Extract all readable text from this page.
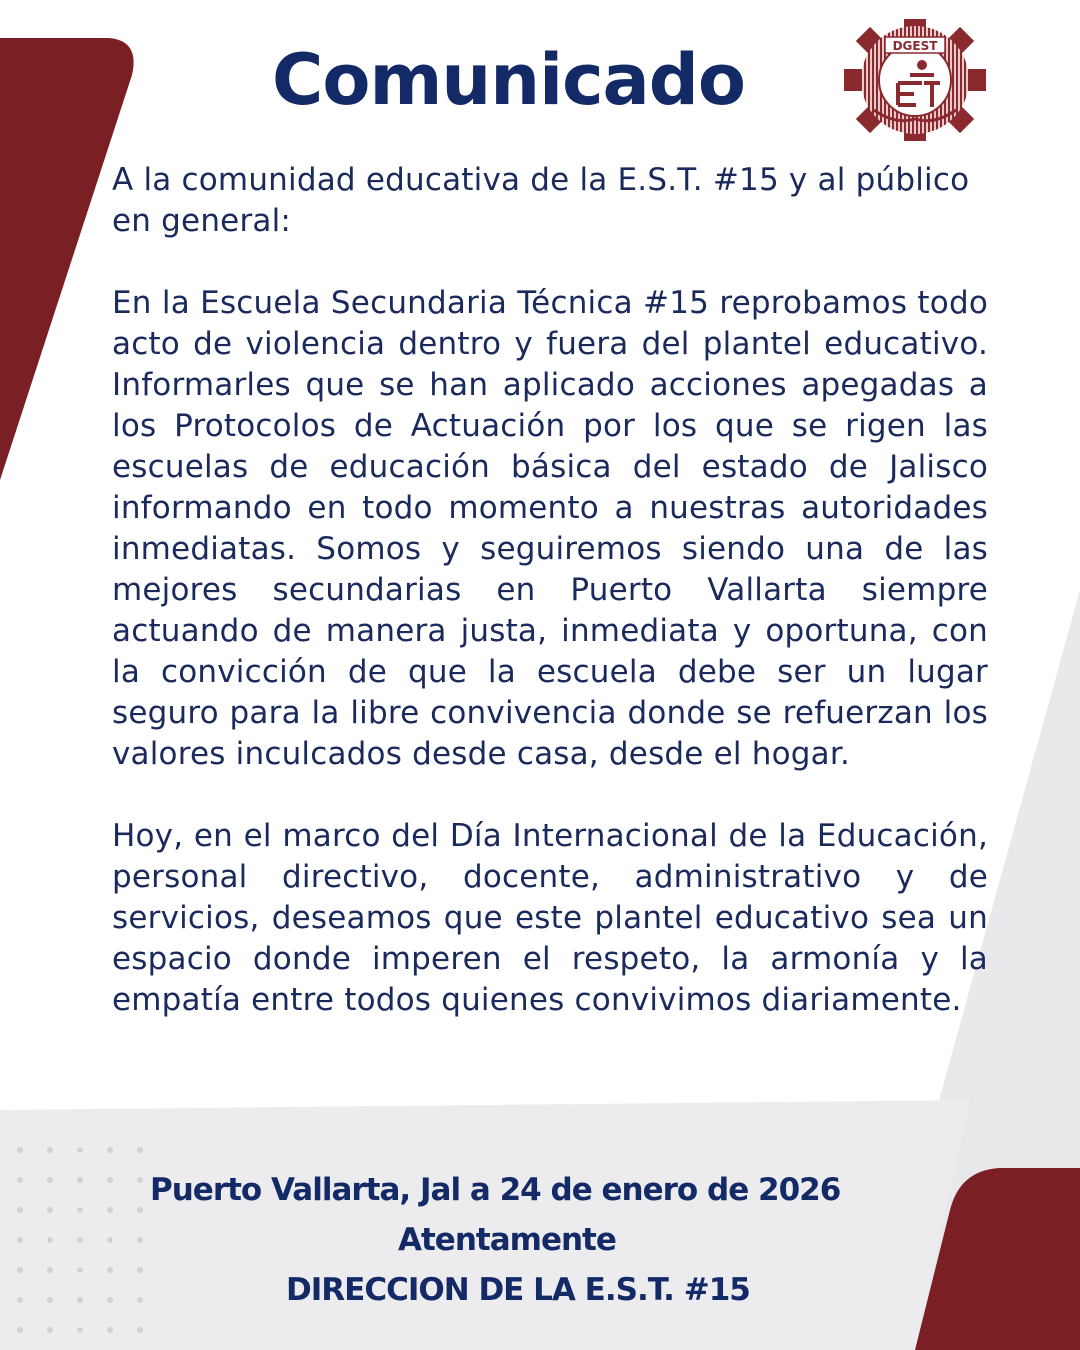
Comunicado	DGEST

A la comunidad educativa de la E.S.T. #15 y al público en general:

En la Escuela Secundaria Técnica #15 reprobamos todo acto de violencia dentro y fuera del plantel educativo. Informarles que se han aplicado acciones apegadas a los Protocolos de Actuación por los que se rigen las escuelas de educación básica del estado de Jalisco informando en todo momento a nuestras autoridades inmediatas. Somos y seguiremos siendo una de las mejores secundarias en Puerto Vallarta siempre actuando de manera justa, inmediata y oportuna, con la convicción de que la escuela debe ser un lugar seguro para la libre convivencia donde se refuerzan los valores inculcados desde casa, desde el hogar.

Hoy, en el marco del Día Internacional de la Educación, personal directivo, docente, administrativo y de servicios, deseamos que este plantel educativo sea un espacio donde imperen el respeto, la armonía y la empatía entre todos quienes convivimos diariamente.

Puerto Vallarta, Jal a 24 de enero de 2026
Atentamente
DIRECCION DE LA E.S.T. #15
